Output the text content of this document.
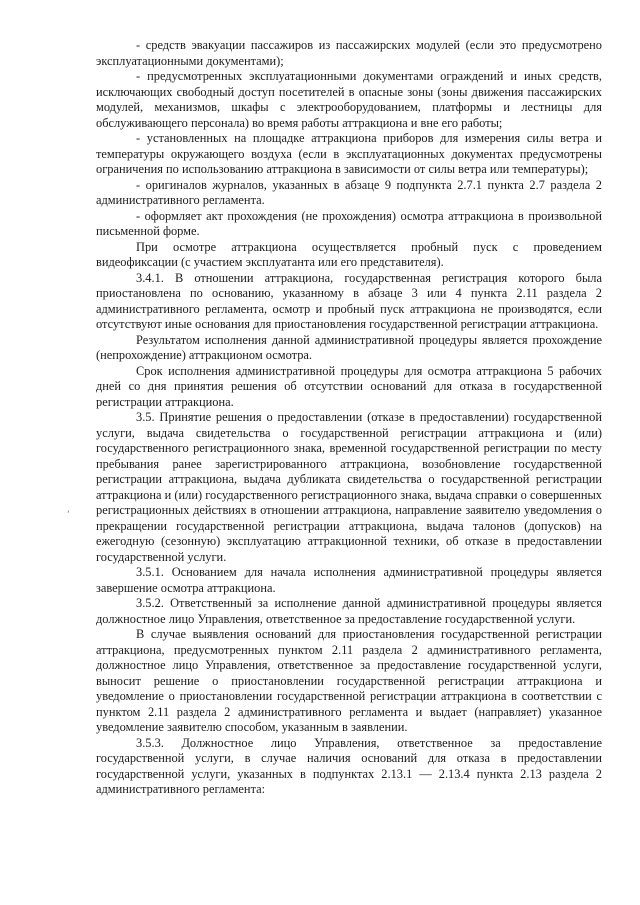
- средств эвакуации пассажиров из пассажирских модулей (если это предусмотрено эксплуатационными документами);

- предусмотренных эксплуатационными документами ограждений и иных средств, исключающих свободный доступ посетителей в опасные зоны (зоны движения пассажирских модулей, механизмов, шкафы с электрооборудованием, платформы и лестницы для обслуживающего персонала) во время работы аттракциона и вне его работы;

- установленных на площадке аттракциона приборов для измерения силы ветра и температуры окружающего воздуха (если в эксплуатационных документах предусмотрены ограничения по использованию аттракциона в зависимости от силы ветра или температуры);

- оригиналов журналов, указанных в абзаце 9 подпункта 2.7.1 пункта 2.7 раздела 2 административного регламента.

- оформляет акт прохождения (не прохождения) осмотра аттракциона в произвольной письменной форме.

При осмотре аттракциона осуществляется пробный пуск с проведением видеофиксации (с участием эксплуатанта или его представителя).

3.4.1. В отношении аттракциона, государственная регистрация которого была приостановлена по основанию, указанному в абзаце 3 или 4 пункта 2.11 раздела 2 административного регламента, осмотр и пробный пуск аттракциона не производятся, если отсутствуют иные основания для приостановления государственной регистрации аттракциона.

Результатом исполнения данной административной процедуры является прохождение (непрохождение) аттракционом осмотра.

Срок исполнения административной процедуры для осмотра аттракциона 5 рабочих дней со дня принятия решения об отсутствии оснований для отказа в государственной регистрации аттракциона.

3.5. Принятие решения о предоставлении (отказе в предоставлении) государственной услуги, выдача свидетельства о государственной регистрации аттракциона и (или) государственного регистрационного знака, временной государственной регистрации по месту пребывания ранее зарегистрированного аттракциона, возобновление государственной регистрации аттракциона, выдача дубликата свидетельства о государственной регистрации аттракциона и (или) государственного регистрационного знака, выдача справки о совершенных регистрационных действиях в отношении аттракциона, направление заявителю уведомления о прекращении государственной регистрации аттракциона, выдача талонов (допусков) на ежегодную (сезонную) эксплуатацию аттракционной техники, об отказе в предоставлении государственной услуги.

3.5.1. Основанием для начала исполнения административной процедуры является завершение осмотра аттракциона.

3.5.2. Ответственный за исполнение данной административной процедуры является должностное лицо Управления, ответственное за предоставление государственной услуги.

В случае выявления оснований для приостановления государственной регистрации аттракциона, предусмотренных пунктом 2.11 раздела 2 административного регламента, должностное лицо Управления, ответственное за предоставление государственной услуги, выносит решение о приостановлении государственной регистрации аттракциона и уведомление о приостановлении государственной регистрации аттракциона в соответствии с пунктом 2.11 раздела 2 административного регламента и выдает (направляет) указанное уведомление заявителю способом, указанным в заявлении.

3.5.3. Должностное лицо Управления, ответственное за предоставление государственной услуги, в случае наличия оснований для отказа в предоставлении государственной услуги, указанных в подпунктах 2.13.1 — 2.13.4 пункта 2.13 раздела 2 административного регламента:

‘
